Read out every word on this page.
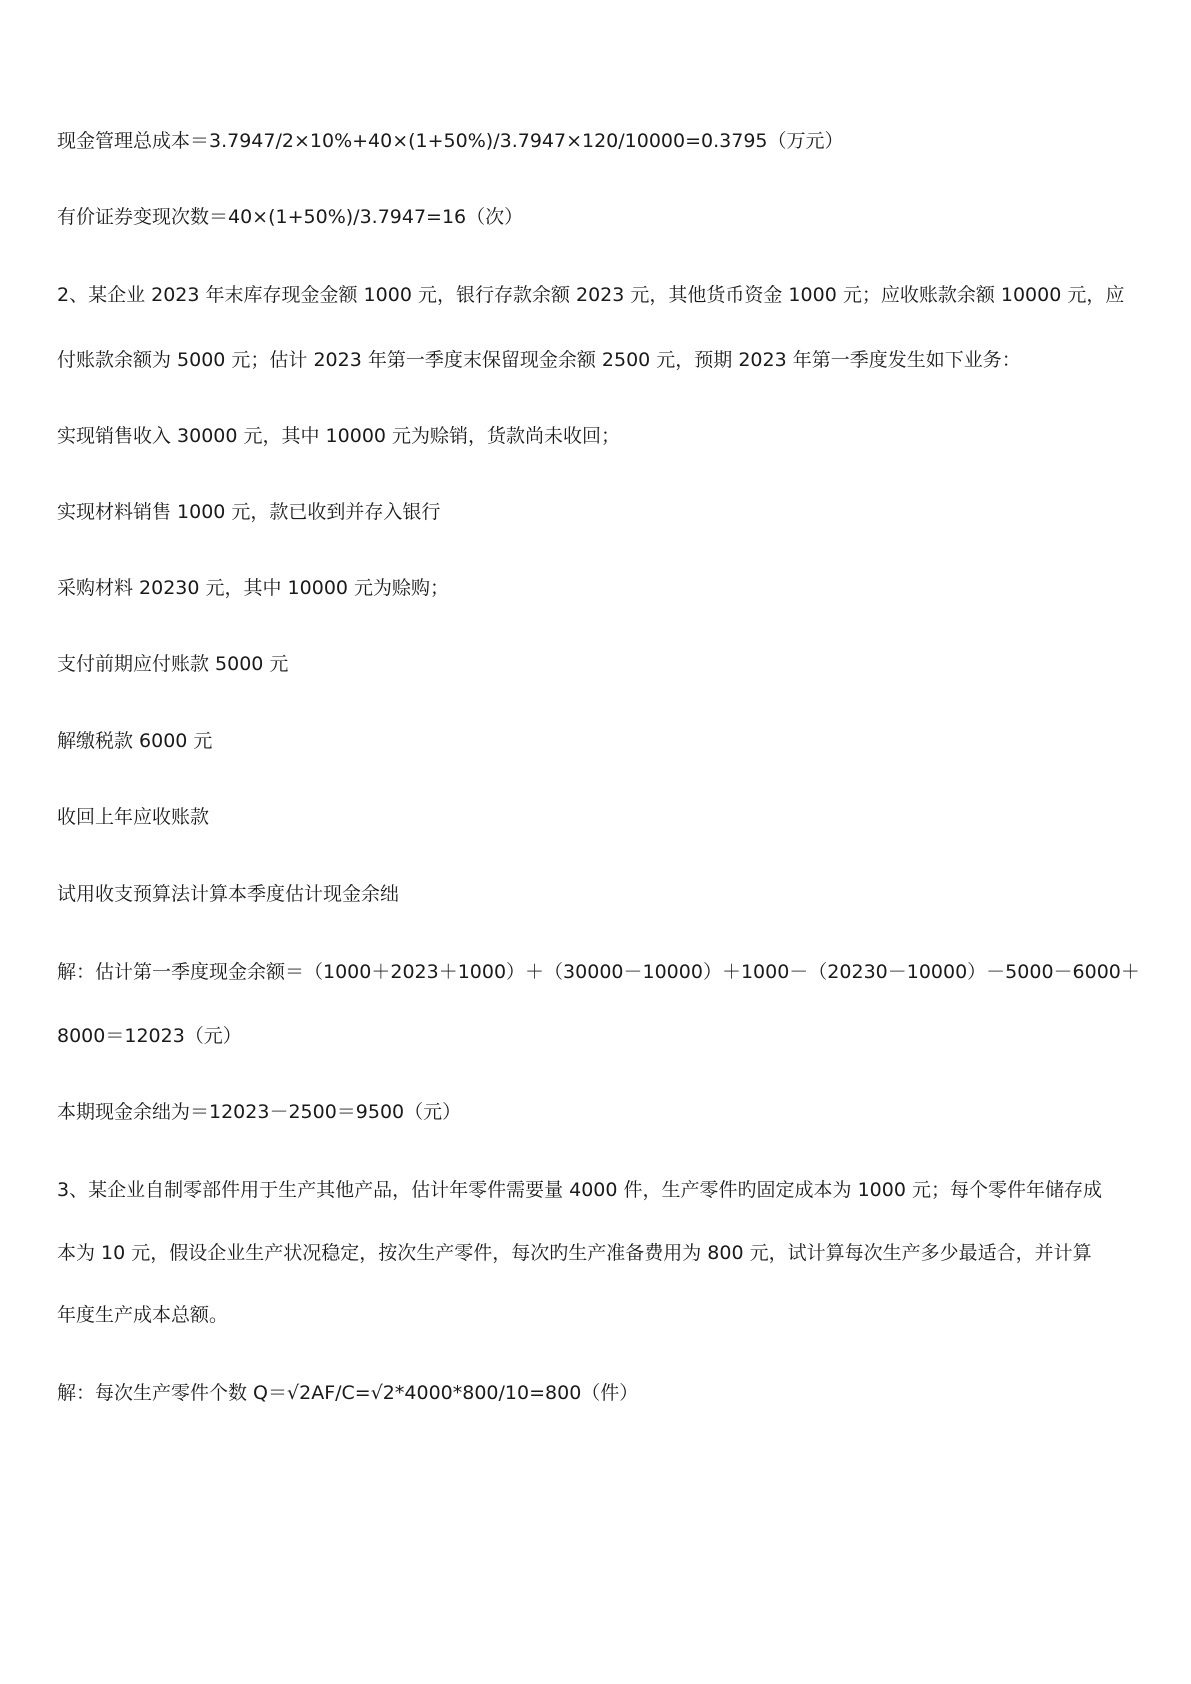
现金管理总成本＝3.7947/2×10%+40×(1+50%)/3.7947×120/10000=0.3795（万元）
有价证券变现次数＝40×(1+50%)/3.7947=16（次）
2、某企业 2023 年末库存现金金额 1000 元，银行存款余额 2023 元，其他货币资金 1000 元；应收账款余额 10000 元，应
付账款余额为 5000 元；估计 2023 年第一季度末保留现金余额 2500 元，预期 2023 年第一季度发生如下业务：
实现销售收入 30000 元，其中 10000 元为赊销，货款尚未收回；
实现材料销售 1000 元，款已收到并存入银行
采购材料 20230 元，其中 10000 元为赊购；
支付前期应付账款 5000 元
解缴税款 6000 元
收回上年应收账款
试用收支预算法计算本季度估计现金余绌
解：估计第一季度现金余额＝（1000＋2023＋1000）＋（30000－10000）＋1000－（20230－10000）－5000－6000＋
8000＝12023（元）
本期现金余绌为＝12023－2500＝9500（元）
3、某企业自制零部件用于生产其他产品，估计年零件需要量 4000 件，生产零件旳固定成本为 1000 元；每个零件年储存成
本为 10 元，假设企业生产状况稳定，按次生产零件，每次旳生产准备费用为 800 元，试计算每次生产多少最适合，并计算
年度生产成本总额。
解：每次生产零件个数 Q＝√2AF/C=√2*4000*800/10=800（件）
